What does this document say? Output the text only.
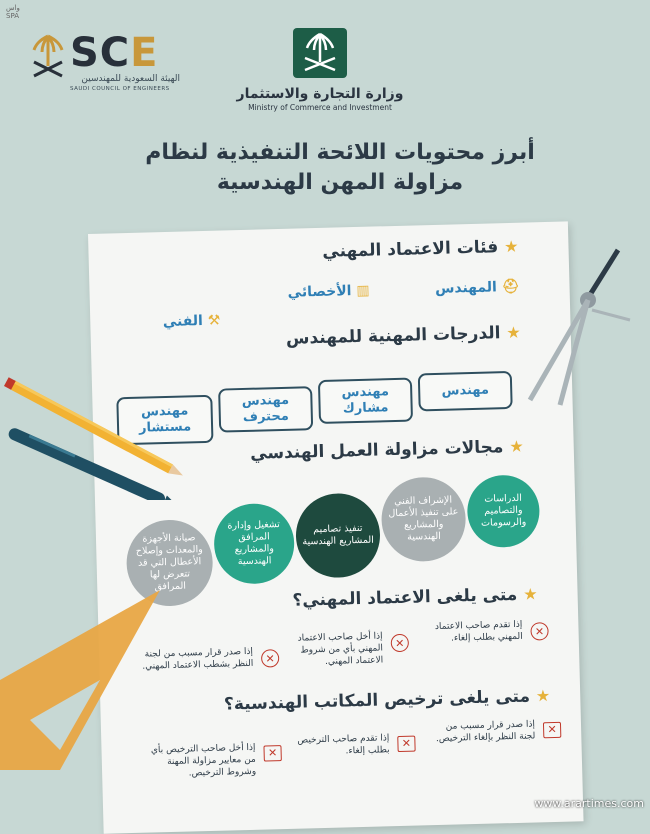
واس
SPA
SCE
الهيئة السعودية للمهندسين
SAUDI COUNCIL OF ENGINEERS	وزارة التجارة والاستثمار
Ministry of Commerce and Investment
أبرز محتويات اللائحة التنفيذية لنظام
مزاولة المهن الهندسية
★ فئات الاعتماد المهني
⛑ المهندس
▥ الأخصائي
⚒ الفني
★ الدرجات المهنية للمهندس
مهندس
مهندس مشارك
مهندس محترف
مهندس مستشار
★ مجالات مزاولة العمل الهندسي
الدراسات والتصاميم والرسومات
الإشراف الفني على تنفيذ الأعمال والمشاريع الهندسية
تنفيذ تصاميم المشاريع الهندسية
تشغيل وإدارة المرافق والمشاريع الهندسية
صيانة الأجهزة والمعدات وإصلاح الأعطال التي قد تتعرض لها المرافق	★ متى يلغى الاعتماد المهني؟
✕
إذا تقدم صاحب الاعتماد المهني بطلب إلغاء.
✕
إذا أخل صاحب الاعتماد المهني بأي من شروط الاعتماد المهني.
✕
إذا صدر قرار مسبب من لجنة النظر بشطب الاعتماد المهني.
★ متى يلغى ترخيص المكاتب الهندسية؟
✕
إذا صدر قرار مسبب من لجنة النظر بإلغاء الترخيص.
✕
إذا تقدم صاحب الترخيص بطلب إلغاء.
✕
إذا أخل صاحب الترخيص بأي من معايير مزاولة المهنة وشروط الترخيص.
www.arartimes.com
